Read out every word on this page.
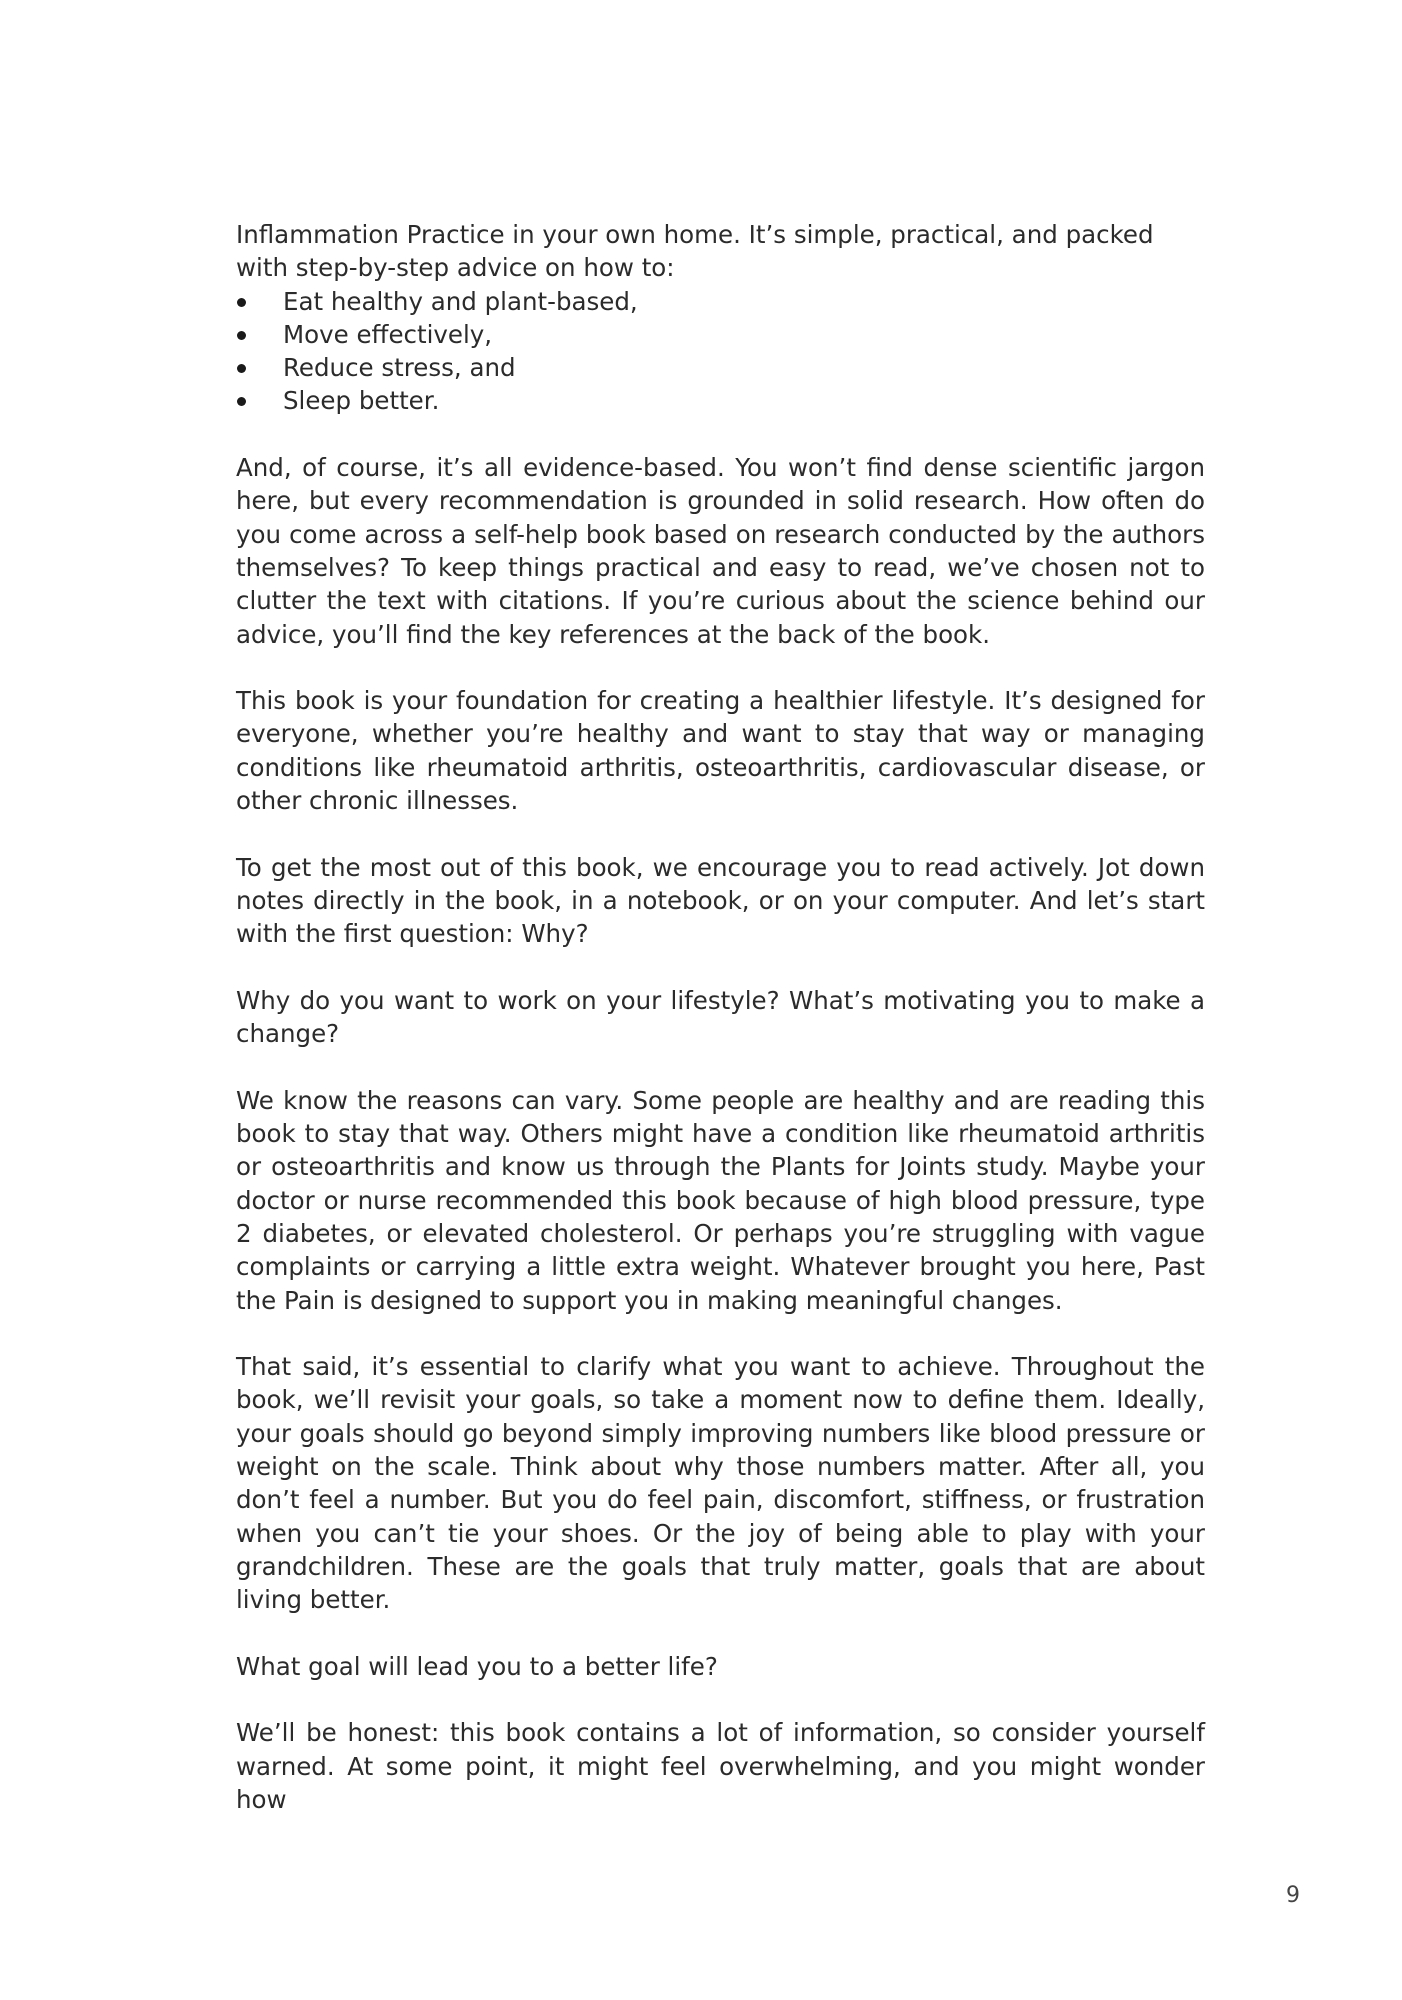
Inflammation Practice in your own home. It’s simple, practical, and packed with step-by-step advice on how to:

Eat healthy and plant-based,
Move effectively,
Reduce stress, and
Sleep better.

And, of course, it’s all evidence-based. You won’t find dense scientific jargon here, but every recommendation is grounded in solid research. How often do you come across a self-help book based on research conducted by the authors themselves? To keep things practical and easy to read, we’ve chosen not to clutter the text with citations. If you’re curious about the science behind our advice, you’ll find the key references at the back of the book.

This book is your foundation for creating a healthier lifestyle. It’s designed for everyone, whether you’re healthy and want to stay that way or managing conditions like rheumatoid arthritis, osteoarthritis, cardiovascular disease, or other chronic illnesses.

To get the most out of this book, we encourage you to read actively. Jot down notes directly in the book, in a notebook, or on your computer. And let’s start with the first question: Why?

Why do you want to work on your lifestyle? What’s motivating you to make a change?

We know the reasons can vary. Some people are healthy and are reading this book to stay that way. Others might have a condition like rheumatoid arthritis or osteoarthritis and know us through the Plants for Joints study. Maybe your doctor or nurse recommended this book because of high blood pressure, type 2 diabetes, or elevated cholesterol. Or perhaps you’re struggling with vague complaints or carrying a little extra weight. Whatever brought you here, Past the Pain is designed to support you in making meaningful changes.

That said, it’s essential to clarify what you want to achieve. Throughout the book, we’ll revisit your goals, so take a moment now to define them. Ideally, your goals should go beyond simply improving numbers like blood pressure or weight on the scale. Think about why those numbers matter. After all, you don’t feel a number. But you do feel pain, discomfort, stiffness, or frustration when you can’t tie your shoes. Or the joy of being able to play with your grandchildren. These are the goals that truly matter, goals that are about living better.

What goal will lead you to a better life?

We’ll be honest: this book contains a lot of information, so consider yourself warned. At some point, it might feel overwhelming, and you might wonder how

9
